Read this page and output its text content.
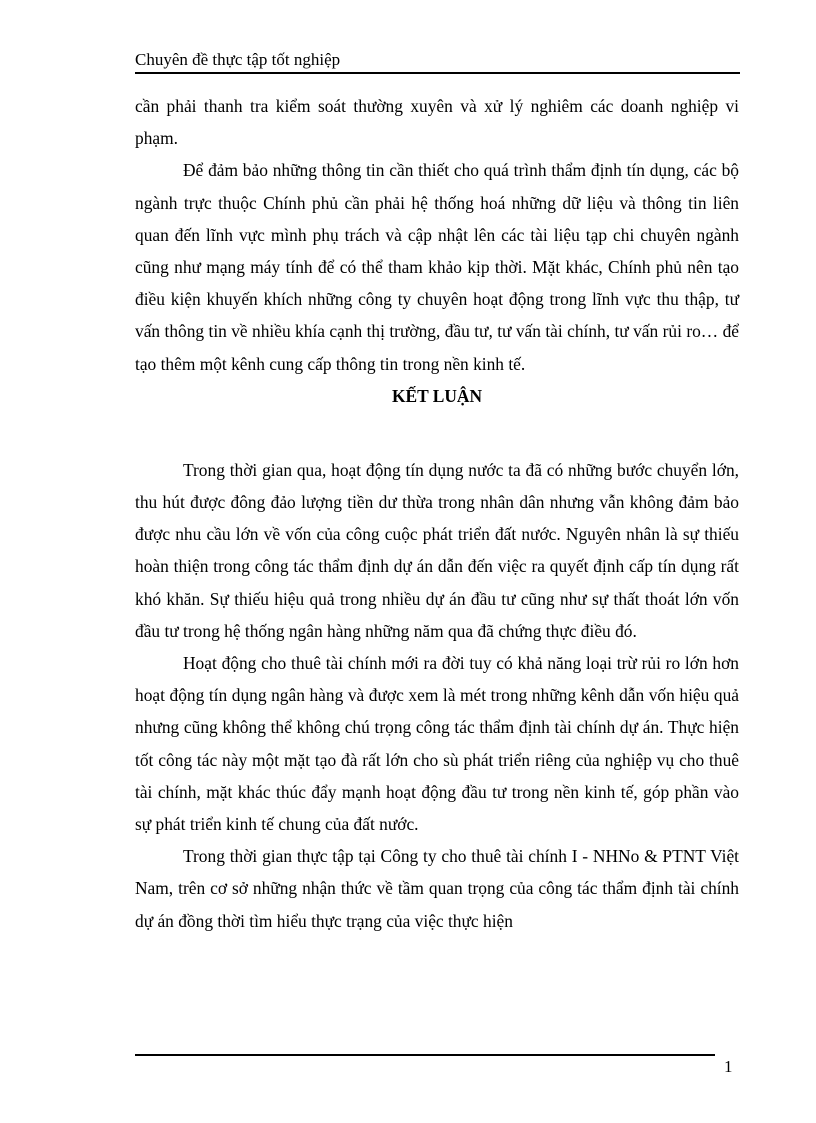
Chuyên đề thực tập tốt nghiệp

cần phải thanh tra kiểm soát thường xuyên và xử lý nghiêm các doanh nghiệp vi phạm.

Để đảm bảo những thông tin cần thiết cho quá trình thẩm định tín dụng, các bộ ngành trực thuộc Chính phủ cần phải hệ thống hoá những dữ liệu và thông tin liên quan đến lĩnh vực mình phụ trách và cập nhật lên các tài liệu tạp chi chuyên ngành cũng như mạng máy tính để có thể tham khảo kịp thời. Mặt khác, Chính phủ nên tạo điều kiện khuyến khích những công ty chuyên hoạt động trong lĩnh vực thu thập, tư vấn thông tin về nhiều khía cạnh thị trường, đầu tư, tư vấn tài chính, tư vấn rủi ro… để tạo thêm một kênh cung cấp thông tin trong nền kinh tế.

KẾT LUẬN

Trong thời gian qua, hoạt động tín dụng nước ta đã có những bước chuyển lớn, thu hút được đông đảo lượng tiền dư thừa trong nhân dân nhưng vẫn không đảm bảo được nhu cầu lớn về vốn của công cuộc phát triển đất nước. Nguyên nhân là sự thiếu hoàn thiện trong công tác thẩm định dự án dẫn đến việc ra quyết định cấp tín dụng rất khó khăn. Sự thiếu hiệu quả trong nhiều dự án đầu tư cũng như sự thất thoát lớn vốn đầu tư trong hệ thống ngân hàng những năm qua đã chứng thực điều đó.

Hoạt động cho thuê tài chính mới ra đời tuy có khả năng loại trừ rủi ro lớn hơn hoạt động tín dụng ngân hàng và được xem là mét trong những kênh dẫn vốn hiệu quả nhưng cũng không thể không chú trọng công tác thẩm định tài chính dự án. Thực hiện tốt công tác này một mặt tạo đà rất lớn cho sù phát triển riêng của nghiệp vụ cho thuê tài chính, mặt khác thúc đẩy mạnh hoạt động đầu tư trong nền kinh tế, góp phần vào sự phát triển kinh tế chung của đất nước.

Trong thời gian thực tập tại Công ty cho thuê tài chính I - NHNo & PTNT Việt Nam, trên cơ sở những nhận thức về tầm quan trọng của công tác thẩm định tài chính dự án đồng thời tìm hiểu thực trạng của việc thực hiện

1
